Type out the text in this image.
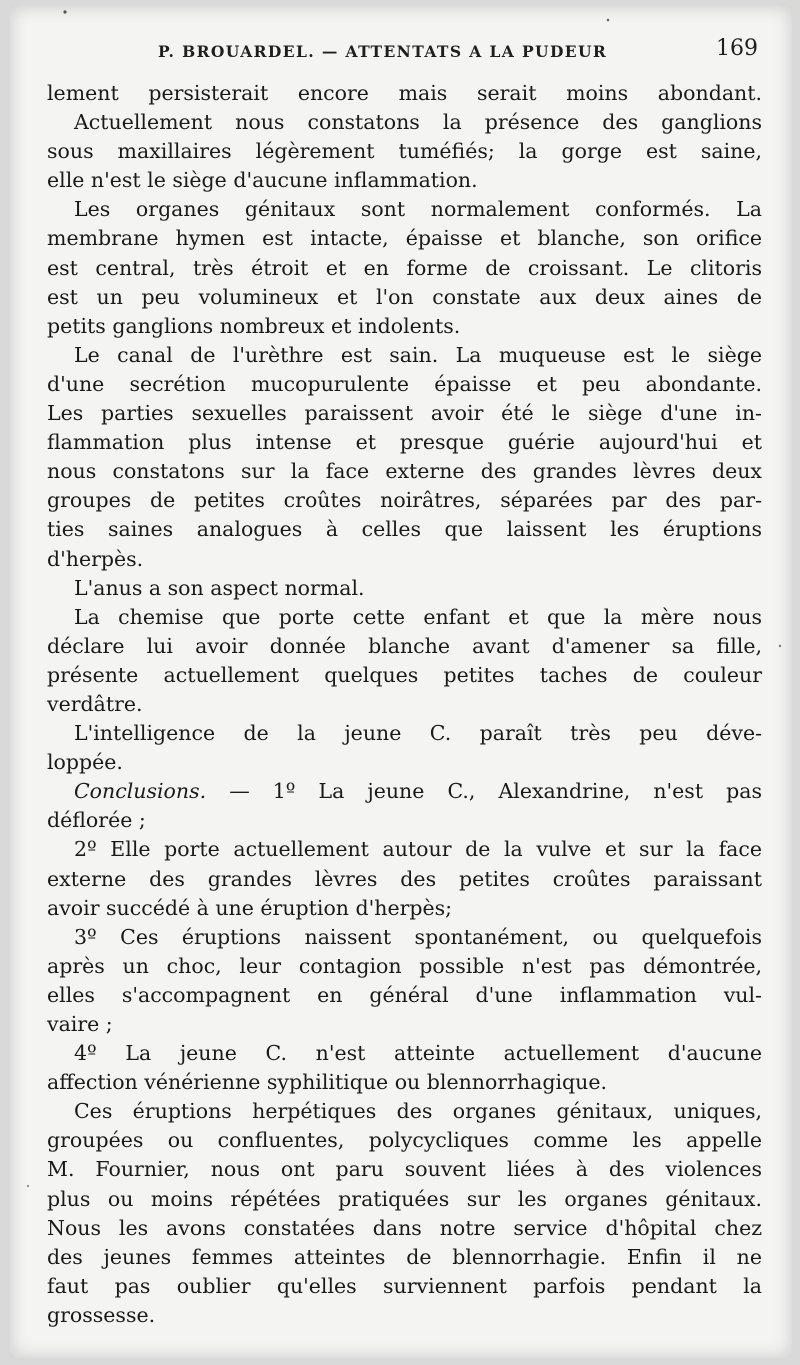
P. BROUARDEL. — ATTENTATS A LA PUDEUR	169
lement persisterait encore mais serait moins abondant.
Actuellement nous constatons la présence des ganglions
sous maxillaires légèrement tuméfiés; la gorge est saine,
elle n'est le siège d'aucune inflammation.
Les organes génitaux sont normalement conformés. La
membrane hymen est intacte, épaisse et blanche, son orifice
est central, très étroit et en forme de croissant. Le clitoris
est un peu volumineux et l'on constate aux deux aines de
petits ganglions nombreux et indolents.
Le canal de l'urèthre est sain. La muqueuse est le siège
d'une secrétion mucopurulente épaisse et peu abondante.
Les parties sexuelles paraissent avoir été le siège d'une in-
flammation plus intense et presque guérie aujourd'hui et
nous constatons sur la face externe des grandes lèvres deux
groupes de petites croûtes noirâtres, séparées par des par-
ties saines analogues à celles que laissent les éruptions
d'herpès.
L'anus a son aspect normal.
La chemise que porte cette enfant et que la mère nous
déclare lui avoir donnée blanche avant d'amener sa fille,
présente actuellement quelques petites taches de couleur
verdâtre.
L'intelligence de la jeune C. paraît très peu déve-
loppée.
Conclusions. — 1º La jeune C., Alexandrine, n'est pas
déflorée ;
2º Elle porte actuellement autour de la vulve et sur la face
externe des grandes lèvres des petites croûtes paraissant
avoir succédé à une éruption d'herpès;
3º Ces éruptions naissent spontanément, ou quelquefois
après un choc, leur contagion possible n'est pas démontrée,
elles s'accompagnent en général d'une inflammation vul-
vaire ;
4º La jeune C. n'est atteinte actuellement d'aucune
affection vénérienne syphilitique ou blennorrhagique.
Ces éruptions herpétiques des organes génitaux, uniques,
groupées ou confluentes, polycycliques comme les appelle
M. Fournier, nous ont paru souvent liées à des violences
plus ou moins répétées pratiquées sur les organes génitaux.
Nous les avons constatées dans notre service d'hôpital chez
des jeunes femmes atteintes de blennorrhagie. Enfin il ne
faut pas oublier qu'elles surviennent parfois pendant la
grossesse.
